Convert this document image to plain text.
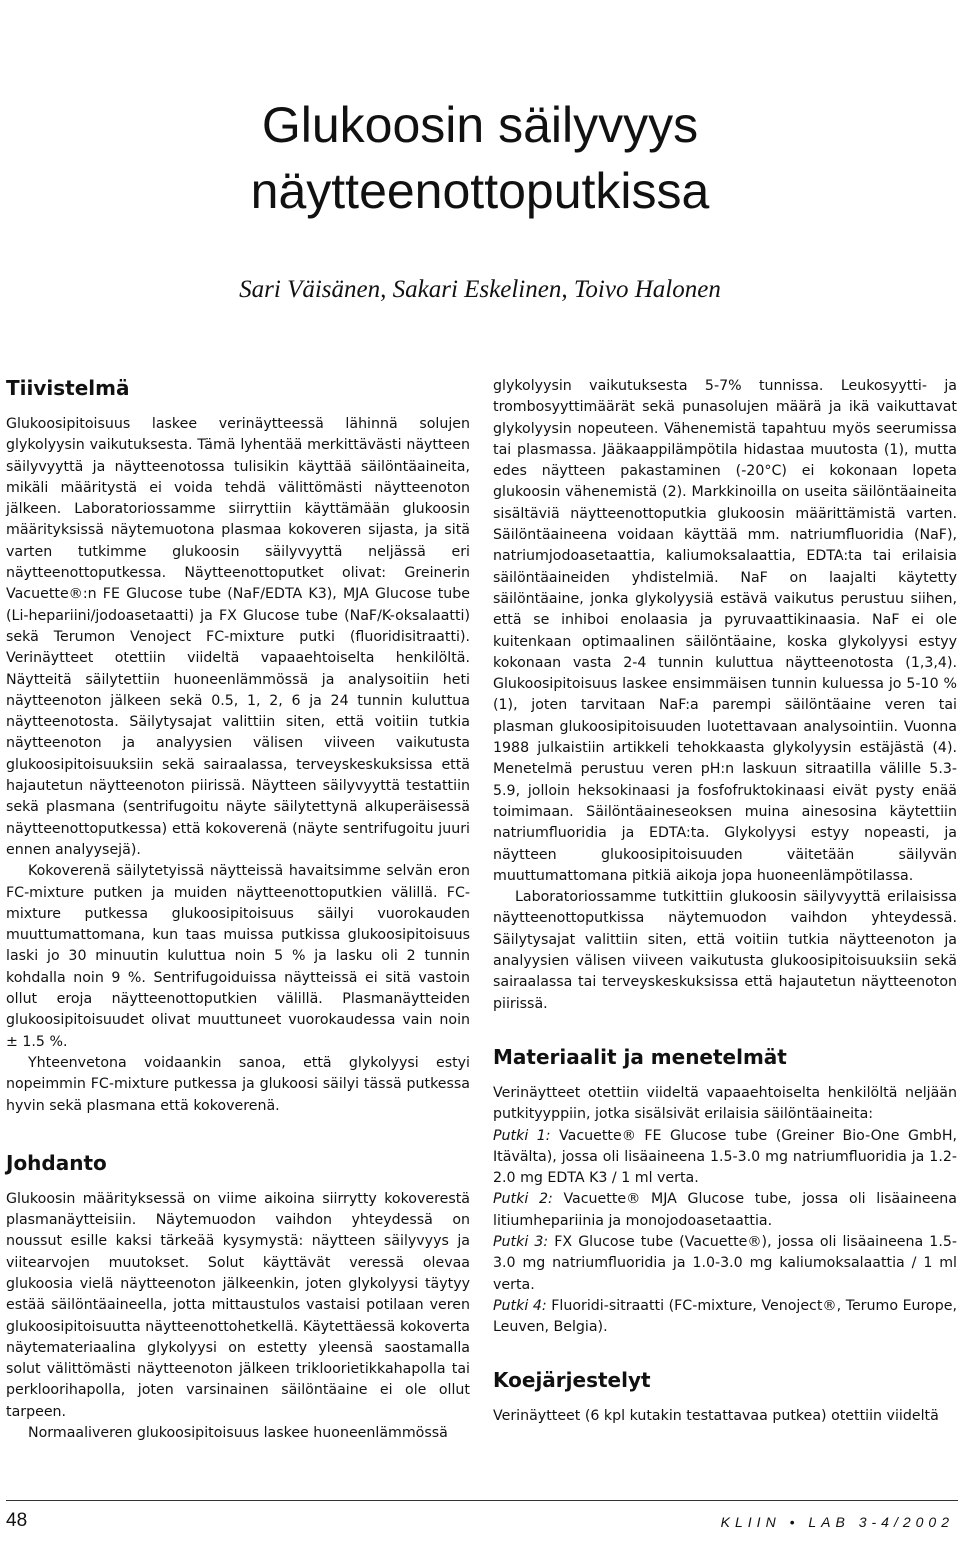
Glukoosin säilyvyys
näytteenottoputkissa

Sari Väisänen, Sakari Eskelinen, Toivo Halonen

Tiivistelmä

Glukoosipitoisuus laskee verinäytteessä lähinnä solujen glykolyysin vaikutuksesta. Tämä lyhentää merkittävästi näytteen säilyvyyttä ja näytteenotossa tulisikin käyttää säilöntäaineita, mikäli määritystä ei voida tehdä välittömästi näytteenoton jälkeen. Laboratoriossamme siirryttiin käyttämään glukoosin määrityksissä näytemuotona plasmaa kokoveren sijasta, ja sitä varten tutkimme glukoosin säilyvyyttä neljässä eri näytteenottoputkessa. Näytteenottoputket olivat: Greinerin Vacuette®:n FE Glucose tube (NaF/EDTA K3), MJA Glucose tube (Li-hepariini/jodoasetaatti) ja FX Glucose tube (NaF/K-oksalaatti) sekä Terumon Venoject FC-mixture putki (fluoridisitraatti). Verinäytteet otettiin viideltä vapaaehtoiselta henkilöltä. Näytteitä säilytettiin huoneenlämmössä ja analysoitiin heti näytteenoton jälkeen sekä 0.5, 1, 2, 6 ja 24 tunnin kuluttua näytteenotosta. Säilytysajat valittiin siten, että voitiin tutkia näytteenoton ja analyysien välisen viiveen vaikutusta glukoosipitoisuuksiin sekä sairaalassa, terveyskeskuksissa että hajautetun näytteenoton piirissä. Näytteen säilyvyyttä testattiin sekä plasmana (sentrifugoitu näyte säilytettynä alkuperäisessä näytteenottoputkessa) että kokoverenä (näyte sentrifugoitu juuri ennen analyysejä).

Kokoverenä säilytetyissä näytteissä havaitsimme selvän eron FC-mixture putken ja muiden näytteenottoputkien välillä. FC-mixture putkessa glukoosipitoisuus säilyi vuorokauden muuttumattomana, kun taas muissa putkissa glukoosipitoisuus laski jo 30 minuutin kuluttua noin 5 % ja lasku oli 2 tunnin kohdalla noin 9 %. Sentrifugoiduissa näytteissä ei sitä vastoin ollut eroja näytteenottoputkien välillä. Plasmanäytteiden glukoosipitoisuudet olivat muuttuneet vuorokaudessa vain noin ± 1.5 %.

Yhteenvetona voidaankin sanoa, että glykolyysi estyi nopeimmin FC-mixture putkessa ja glukoosi säilyi tässä putkessa hyvin sekä plasmana että kokoverenä.

Johdanto

Glukoosin määrityksessä on viime aikoina siirrytty kokoverestä plasmanäytteisiin. Näytemuodon vaihdon yhteydessä on noussut esille kaksi tärkeää kysymystä: näytteen säilyvyys ja viitearvojen muutokset. Solut käyttävät veressä olevaa glukoosia vielä näytteenoton jälkeenkin, joten glykolyysi täytyy estää säilöntäaineella, jotta mittaustulos vastaisi potilaan veren glukoosipitoisuutta näytteenottohetkellä. Käytettäessä kokoverta näytemateriaalina glykolyysi on estetty yleensä saostamalla solut välittömästi näytteenoton jälkeen trikloorietikkahapolla tai perkloorihapolla, joten varsinainen säilöntäaine ei ole ollut tarpeen.

Normaaliveren glukoosipitoisuus laskee huoneenlämmössä

glykolyysin vaikutuksesta 5-7% tunnissa. Leukosyytti- ja trombosyyttimäärät sekä punasolujen määrä ja ikä vaikuttavat glykolyysin nopeuteen. Vähenemistä tapahtuu myös seerumissa tai plasmassa. Jääkaappilämpötila hidastaa muutosta (1), mutta edes näytteen pakastaminen (-20°C) ei kokonaan lopeta glukoosin vähenemistä (2). Markkinoilla on useita säilöntäaineita sisältäviä näytteenottoputkia glukoosin määrittämistä varten. Säilöntäaineena voidaan käyttää mm. natriumfluoridia (NaF), natriumjodoasetaattia, kaliumoksalaattia, EDTA:ta tai erilaisia säilöntäaineiden yhdistelmiä. NaF on laajalti käytetty säilöntäaine, jonka glykolyysiä estävä vaikutus perustuu siihen, että se inhiboi enolaasia ja pyruvaattikinaasia. NaF ei ole kuitenkaan optimaalinen säilöntäaine, koska glykolyysi estyy kokonaan vasta 2-4 tunnin kuluttua näytteenotosta (1,3,4). Glukoosipitoisuus laskee ensimmäisen tunnin kuluessa jo 5-10 % (1), joten tarvitaan NaF:a parempi säilöntäaine veren tai plasman glukoosipitoisuuden luotettavaan analysointiin. Vuonna 1988 julkaistiin artikkeli tehokkaasta glykolyysin estäjästä (4). Menetelmä perustuu veren pH:n laskuun sitraatilla välille 5.3-5.9, jolloin heksokinaasi ja fosfofruktokinaasi eivät pysty enää toimimaan. Säilöntäaineseoksen muina ainesosina käytettiin natriumfluoridia ja EDTA:ta. Glykolyysi estyy nopeasti, ja näytteen glukoosipitoisuuden väitetään säilyvän muuttumattomana pitkiä aikoja jopa huoneenlämpötilassa.

Laboratoriossamme tutkittiin glukoosin säilyvyyttä erilaisissa näytteenottoputkissa näytemuodon vaihdon yhteydessä. Säilytysajat valittiin siten, että voitiin tutkia näytteenoton ja analyysien välisen viiveen vaikutusta glukoosipitoisuuksiin sekä sairaalassa tai terveyskeskuksissa että hajautetun näytteenoton piirissä.

Materiaalit ja menetelmät

Verinäytteet otettiin viideltä vapaaehtoiselta henkilöltä neljään putkityyppiin, jotka sisälsivät erilaisia säilöntäaineita:

Putki 1: Vacuette® FE Glucose tube (Greiner Bio-One GmbH, Itävälta), jossa oli lisäaineena 1.5-3.0 mg natriumfluoridia ja 1.2-2.0 mg EDTA K3 / 1 ml verta.

Putki 2: Vacuette® MJA Glucose tube, jossa oli lisäaineena litiumhepariinia ja monojodoasetaattia.

Putki 3: FX Glucose tube (Vacuette®), jossa oli lisäaineena 1.5-3.0 mg natriumfluoridia ja 1.0-3.0 mg kaliumoksalaattia / 1 ml verta.

Putki 4: Fluoridi-sitraatti (FC-mixture, Venoject®, Terumo Europe, Leuven, Belgia).

Koejärjestelyt

Verinäytteet (6 kpl kutakin testattavaa putkea) otettiin viideltä

48	KLIIN • LAB 3-4/2002
